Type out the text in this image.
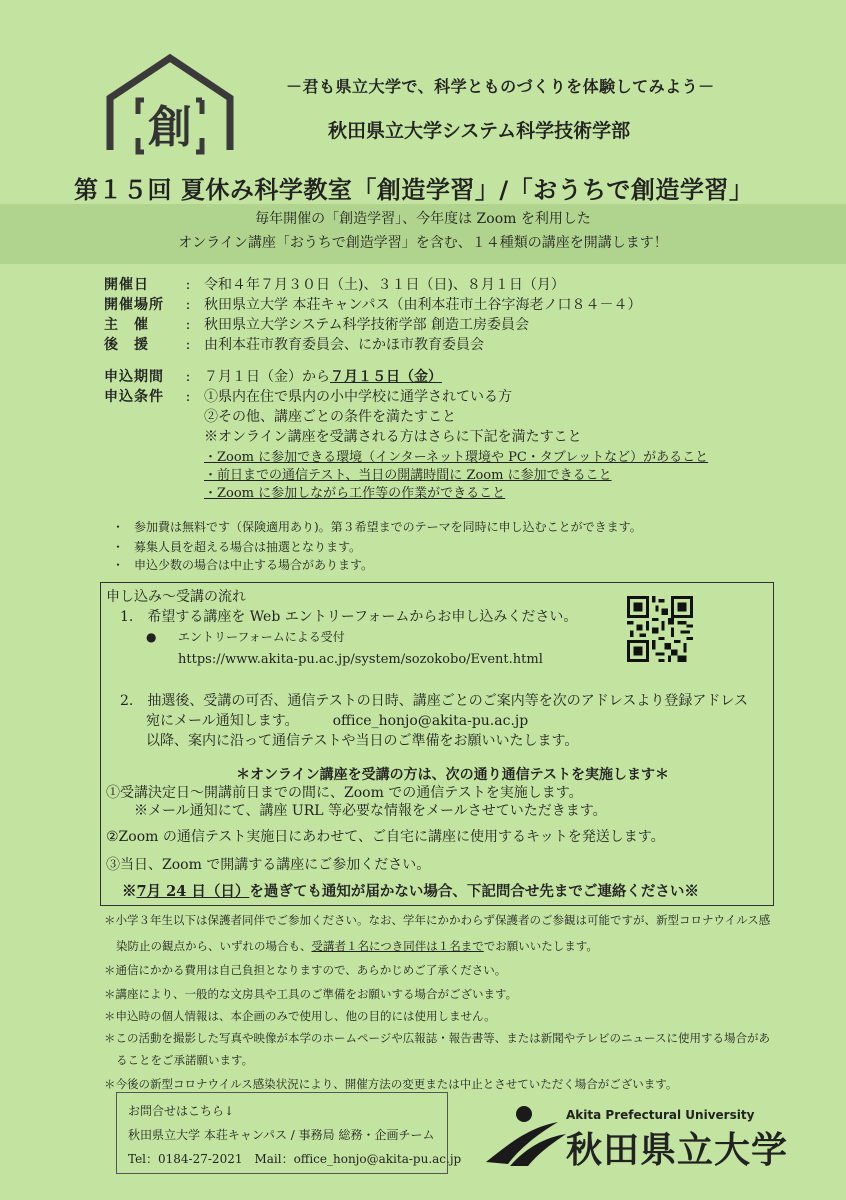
創
－君も県立大学で、科学とものづくりを体験してみよう－
秋田県立大学システム科学技術学部
第１５回 夏休み科学教室「創造学習」/「おうちで創造学習」
毎年開催の「創造学習」、今年度は Zoom を利用した
オンライン講座「おうちで創造学習」を含む、１４種類の講座を開講します！
開催日	: 令和４年７月３０日（土)、３１日（日)、８月１日（月）
開催場所 : 秋田県立大学 本荘キャンパス（由利本荘市土谷字海老ノ口８４－４）
主　催	: 秋田県立大学システム科学技術学部 創造工房委員会
後　援	: 由利本荘市教育委員会、にかほ市教育委員会
申込期間 : ７月１日（金）から７月１５日（金）
申込条件 : ①県内在住で県内の小中学校に通学されている方
②その他、講座ごとの条件を満たすこと
※オンライン講座を受講される方はさらに下記を満たすこと
・Zoom に参加できる環境（インターネット環境や PC・タブレットなど）があること
・前日までの通信テスト、当日の開講時間に Zoom に参加できること
・Zoom に参加しながら工作等の作業ができること
・ 参加費は無料です（保険適用あり)。第３希望までのテーマを同時に申し込むことができます。
・ 募集人員を超える場合は抽選となります。
・ 申込少数の場合は中止する場合があります。
申し込み～受講の流れ
1.　希望する講座を Web エントリーフォームからお申し込みください。
● エントリーフォームによる受付
https://www.akita-pu.ac.jp/system/sozokobo/Event.html
2.　抽選後、受講の可否、通信テストの日時、講座ごとのご案内等を次のアドレスより登録アドレス
宛にメール通知します。 office_honjo@akita-pu.ac.jp
以降、案内に沿って通信テストや当日のご準備をお願いいたします。
＊オンライン講座を受講の方は、次の通り通信テストを実施します＊
①受講決定日～開講前日までの間に、Zoom での通信テストを実施します。
※メール通知にて、講座 URL 等必要な情報をメールさせていただきます。
②Zoom の通信テスト実施日にあわせて、ご自宅に講座に使用するキットを発送します。
③当日、Zoom で開講する講座にご参加ください。
※7月 24 日（日）を過ぎても通知が届かない場合、下記問合せ先までご連絡ください※
＊小学３年生以下は保護者同伴でご参加ください。なお、学年にかかわらず保護者のご参観は可能ですが、新型コロナウイルス感
染防止の観点から、いずれの場合も、受講者１名につき同伴は１名まででお願いいたします。
＊通信にかかる費用は自己負担となりますので、あらかじめご了承ください。
＊講座により、一般的な文房具や工具のご準備をお願いする場合がございます。
＊申込時の個人情報は、本企画のみで使用し、他の目的には使用しません。
＊この活動を撮影した写真や映像が本学のホームページや広報誌・報告書等、または新聞やテレビのニュースに使用する場合があ
ることをご承諾願います。
＊今後の新型コロナウイルス感染状況により、開催方法の変更または中止とさせていただく場合がございます。
お問合せはこちら↓
秋田県立大学 本荘キャンパス / 事務局 総務・企画チーム
Tel：0184-27-2021　Mail：office_honjo@akita-pu.ac.jp
Akita Prefectural University
秋田県立大学
